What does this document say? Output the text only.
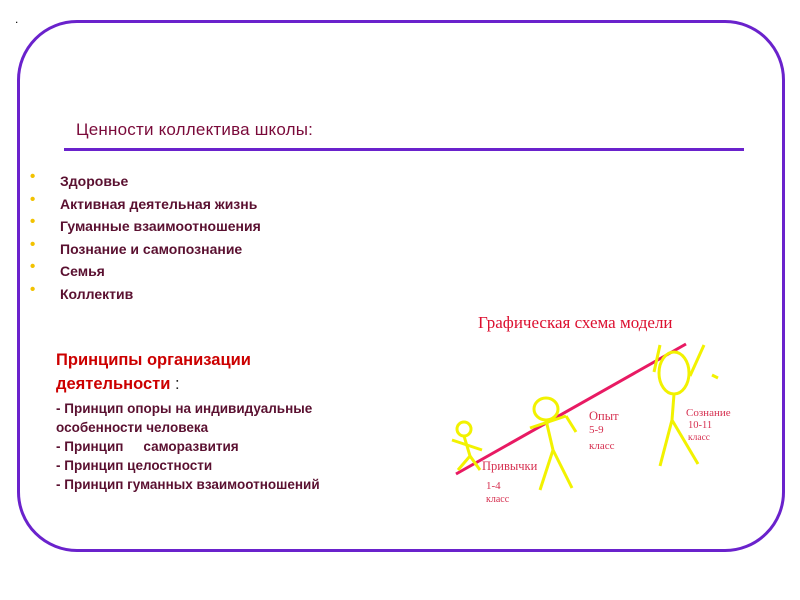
.
Ценности коллектива школы:
• Здоровье
• Активная деятельная жизнь
• Гуманные взаимоотношения
• Познание и самопознание
• Семья
• Коллектив
Принципы организации
деятельности :
- Принцип опоры на индивидуальные
особенности человека
- Принцип саморазвития
- Принцип целостности
- Принцип гуманных взаимоотношений
Графическая схема модели
Привычки
1-4
класс
Опыт
5-9
класс
Сознание
10-11
класс
